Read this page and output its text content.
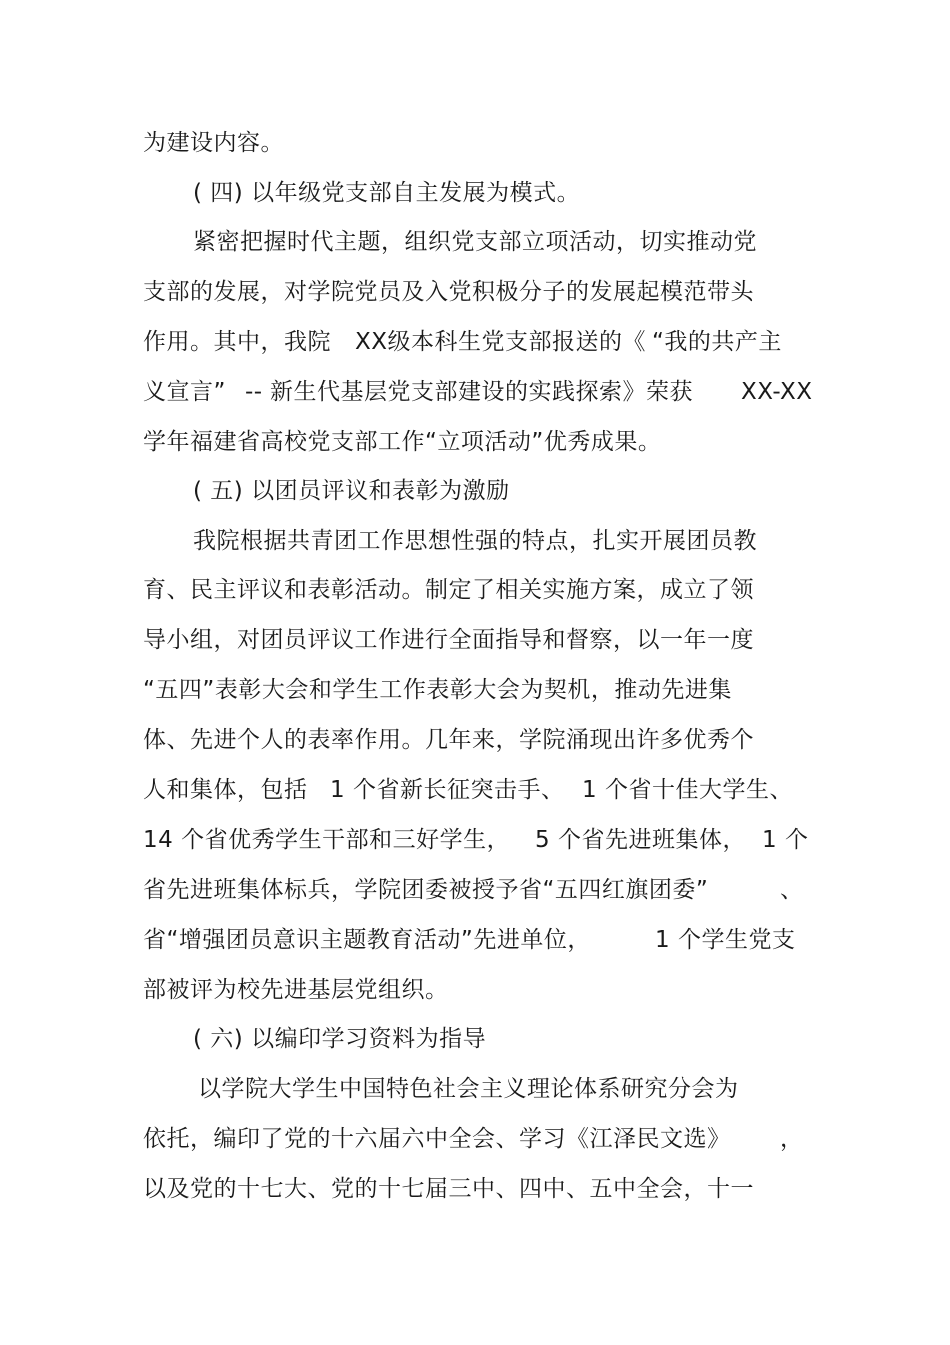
为建设内容。

( 四) 以年级党支部自主发展为模式。

紧密把握时代主题，组织党支部立项活动，切实推动党

支部的发展，对学院党员及入党积极分子的发展起模范带头

作用。其中，我院

XX级本科生党支部报送的《

“我的共产主

义宣言”

--

新生代基层党支部建设的实践探索》荣获

XX-XX

学年福建省高校党支部工作“立项活动”优秀成果。

( 五) 以团员评议和表彰为激励

我院根据共青团工作思想性强的特点，扎实开展团员教

育、民主评议和表彰活动。制定了相关实施方案，成立了领

导小组，对团员评议工作进行全面指导和督察，以一年一度

“五四”表彰大会和学生工作表彰大会为契机，推动先进集

体、先进个人的表率作用。几年来，学院涌现出许多优秀个

人和集体，包括

1 个省新长征突击手、

1 个省十佳大学生、

14 个省优秀学生干部和三好学生，

5 个省先进班集体，

1 个

省先进班集体标兵，学院团委被授予省“五四红旗团委”

	、

省“增强团员意识主题教育活动”先进单位，

	1 个学生党支

部被评为校先进基层党组织。

( 六) 以编印学习资料为指导

以学院大学生中国特色社会主义理论体系研究分会为

依托，编印了党的十六届六中全会、学习《江泽民文选》

，

以及党的十七大、党的十七届三中、四中、五中全会，十一
